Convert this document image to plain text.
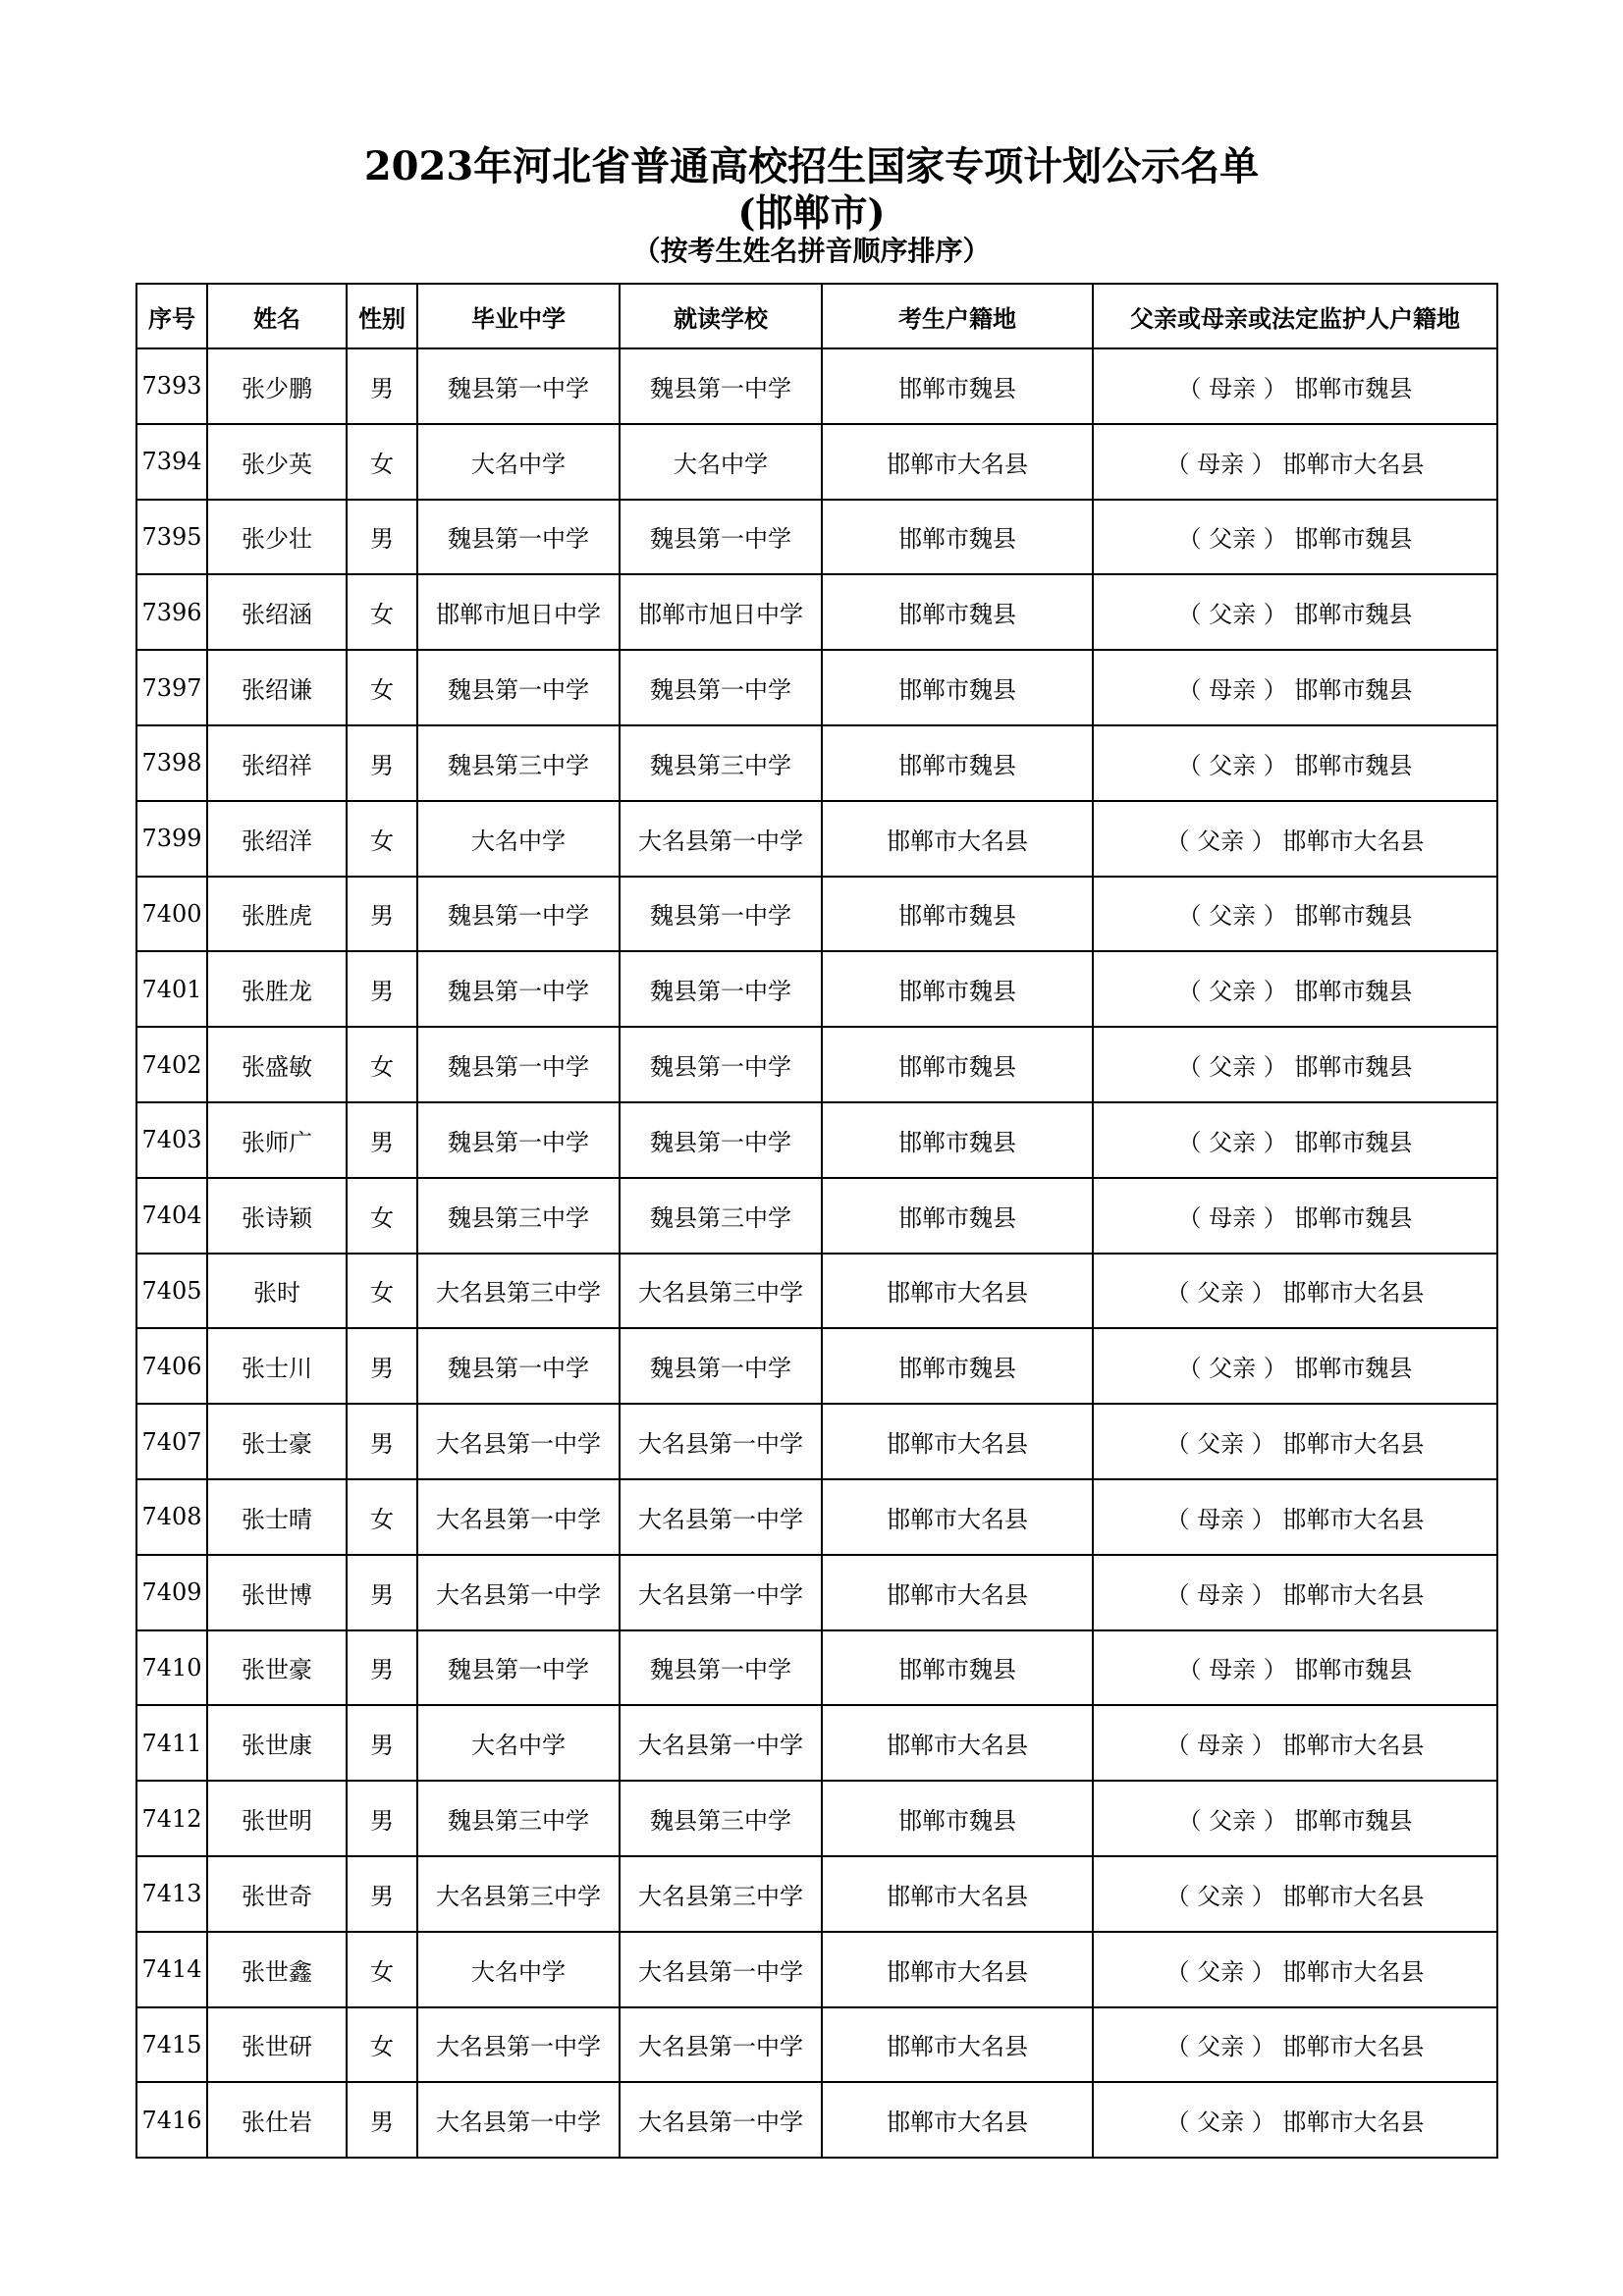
2023年河北省普通高校招生国家专项计划公示名单
(邯郸市)
（按考生姓名拼音顺序排序）
序号	姓名	性别	毕业中学	就读学校	考生户籍地	父亲或母亲或法定监护人户籍地
7393	张少鹏	男	魏县第一中学	魏县第一中学	邯郸市魏县	（ 母亲 ） 邯郸市魏县
7394	张少英	女	大名中学	大名中学	邯郸市大名县	（ 母亲 ） 邯郸市大名县
7395	张少壮	男	魏县第一中学	魏县第一中学	邯郸市魏县	（ 父亲 ） 邯郸市魏县
7396	张绍涵	女	邯郸市旭日中学	邯郸市旭日中学	邯郸市魏县	（ 父亲 ） 邯郸市魏县
7397	张绍谦	女	魏县第一中学	魏县第一中学	邯郸市魏县	（ 母亲 ） 邯郸市魏县
7398	张绍祥	男	魏县第三中学	魏县第三中学	邯郸市魏县	（ 父亲 ） 邯郸市魏县
7399	张绍洋	女	大名中学	大名县第一中学	邯郸市大名县	（ 父亲 ） 邯郸市大名县
7400	张胜虎	男	魏县第一中学	魏县第一中学	邯郸市魏县	（ 父亲 ） 邯郸市魏县
7401	张胜龙	男	魏县第一中学	魏县第一中学	邯郸市魏县	（ 父亲 ） 邯郸市魏县
7402	张盛敏	女	魏县第一中学	魏县第一中学	邯郸市魏县	（ 父亲 ） 邯郸市魏县
7403	张师广	男	魏县第一中学	魏县第一中学	邯郸市魏县	（ 父亲 ） 邯郸市魏县
7404	张诗颖	女	魏县第三中学	魏县第三中学	邯郸市魏县	（ 母亲 ） 邯郸市魏县
7405	张时	女	大名县第三中学	大名县第三中学	邯郸市大名县	（ 父亲 ） 邯郸市大名县
7406	张士川	男	魏县第一中学	魏县第一中学	邯郸市魏县	（ 父亲 ） 邯郸市魏县
7407	张士豪	男	大名县第一中学	大名县第一中学	邯郸市大名县	（ 父亲 ） 邯郸市大名县
7408	张士晴	女	大名县第一中学	大名县第一中学	邯郸市大名县	（ 母亲 ） 邯郸市大名县
7409	张世博	男	大名县第一中学	大名县第一中学	邯郸市大名县	（ 母亲 ） 邯郸市大名县
7410	张世豪	男	魏县第一中学	魏县第一中学	邯郸市魏县	（ 母亲 ） 邯郸市魏县
7411	张世康	男	大名中学	大名县第一中学	邯郸市大名县	（ 母亲 ） 邯郸市大名县
7412	张世明	男	魏县第三中学	魏县第三中学	邯郸市魏县	（ 父亲 ） 邯郸市魏县
7413	张世奇	男	大名县第三中学	大名县第三中学	邯郸市大名县	（ 父亲 ） 邯郸市大名县
7414	张世鑫	女	大名中学	大名县第一中学	邯郸市大名县	（ 父亲 ） 邯郸市大名县
7415	张世研	女	大名县第一中学	大名县第一中学	邯郸市大名县	（ 父亲 ） 邯郸市大名县
7416	张仕岩	男	大名县第一中学	大名县第一中学	邯郸市大名县	（ 父亲 ） 邯郸市大名县
